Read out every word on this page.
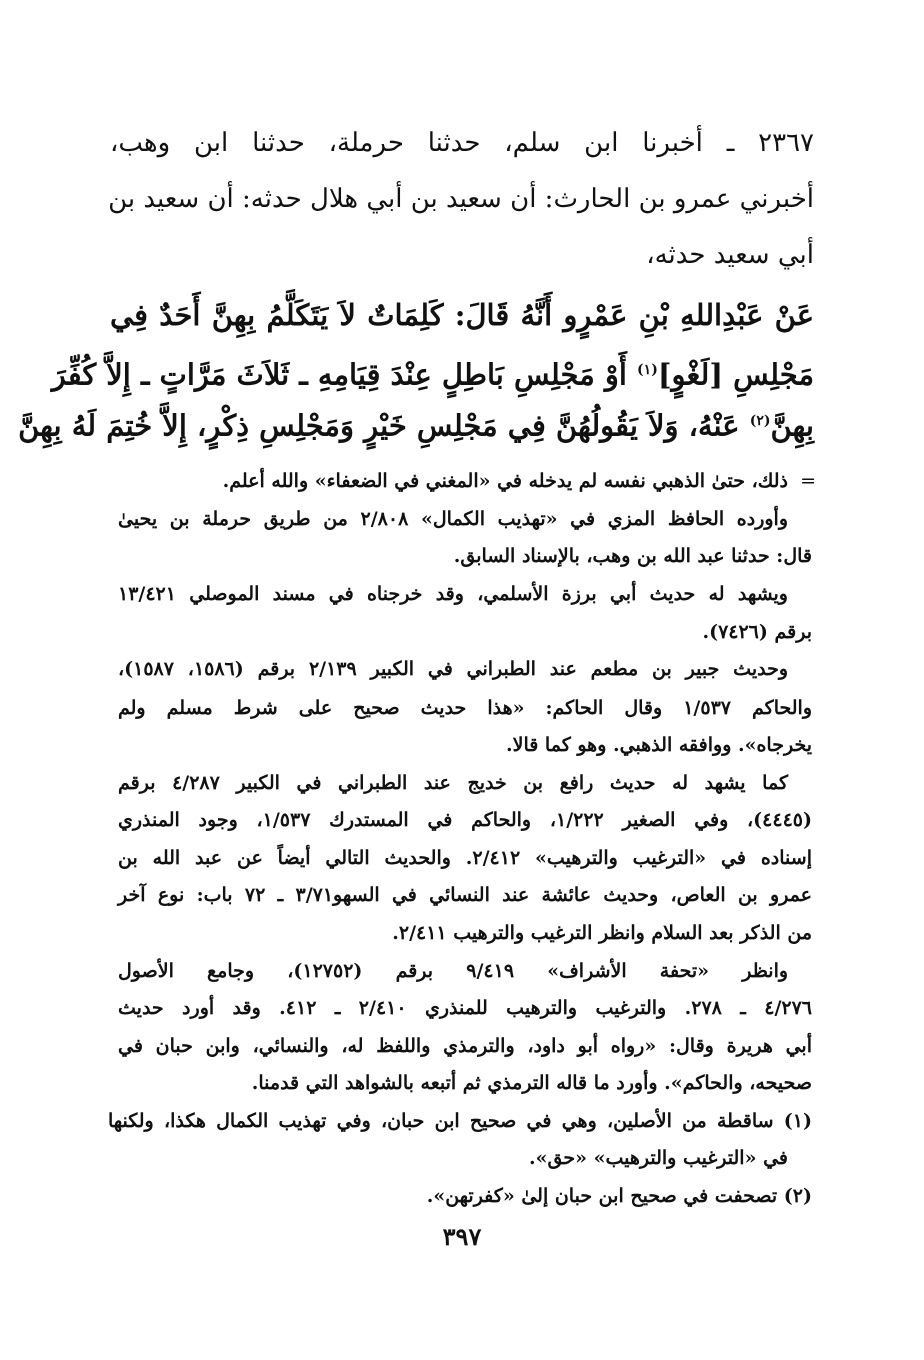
٢٣٦٧ ـ أخبرنا ابن سلم، حدثنا حرملة، حدثنا ابن وهب،
أخبرني عمرو بن الحارث: أن سعيد بن أبي هلال حدثه: أن سعيد بن
أبي سعيد حدثه،
عَنْ عَبْدِاللهِ بْنِ عَمْرٍو أَنَّهُ قَالَ: كَلِمَاتٌ لاَ يَتَكَلَّمُ بِهِنَّ أَحَدٌ فِي
مَجْلِسِ [لَغْوٍ]$^{(١)}$ أَوْ مَجْلِسِ بَاطِلٍ عِنْدَ قِيَامِهِ ـ ثَلاَثَ مَرَّاتٍ ـ إِلاَّ كُفِّرَ
بِهِنَّ$^{(٢)}$ عَنْهُ، وَلاَ يَقُولُهُنَّ فِي مَجْلِسِ خَيْرٍ وَمَجْلِسِ ذِكْرٍ، إِلاَّ خُتِمَ لَهُ بِهِنَّ
=
ذلك، حتىٰ الذهبي نفسه لم يدخله في «المغني في الضعفاء» والله أعلم.
وأورده الحافظ المزي في «تهذيب الكمال» ٢/٨٠٨ من طريق حرملة بن يحيىٰ
قال: حدثنا عبد الله بن وهب، بالإسناد السابق.
ويشهد له حديث أبي برزة الأسلمي، وقد خرجناه في مسند الموصلي ١٣/٤٢١
برقم (٧٤٢٦).
وحديث جبير بن مطعم عند الطبراني في الكبير ٢/١٣٩ برقم (١٥٨٦، ١٥٨٧)،
والحاكم ١/٥٣٧ وقال الحاكم: «هذا حديث صحيح على شرط مسلم ولم
يخرجاه». ووافقه الذهبي. وهو كما قالا.
كما يشهد له حديث رافع بن خديج عند الطبراني في الكبير ٤/٢٨٧ برقم
(٤٤٤٥)، وفي الصغير ١/٢٢٢، والحاكم في المستدرك ١/٥٣٧، وجود المنذري
إسناده في «الترغيب والترهيب» ٢/٤١٢. والحديث التالي أيضاً عن عبد الله بن
عمرو بن العاص، وحديث عائشة عند النسائي في السهو٣/٧١ ـ ٧٢ باب: نوع آخر
من الذكر بعد السلام وانظر الترغيب والترهيب ٢/٤١١.
وانظر «تحفة الأشراف» ٩/٤١٩ برقم (١٢٧٥٢)، وجامع الأصول
٤/٢٧٦ ـ ٢٧٨. والترغيب والترهيب للمنذري ٢/٤١٠ ـ ٤١٢. وقد أورد حديث
أبي هريرة وقال: «رواه أبو داود، والترمذي واللفظ له، والنسائي، وابن حبان في
صحيحه، والحاكم». وأورد ما قاله الترمذي ثم أتبعه بالشواهد التي قدمنا.
(١) ساقطة من الأصلين، وهي في صحيح ابن حبان، وفي تهذيب الكمال هكذا، ولكنها
في «الترغيب والترهيب» «حق».
(٢) تصحفت في صحيح ابن حبان إلىٰ «كفرتهن».
٣٩٧
